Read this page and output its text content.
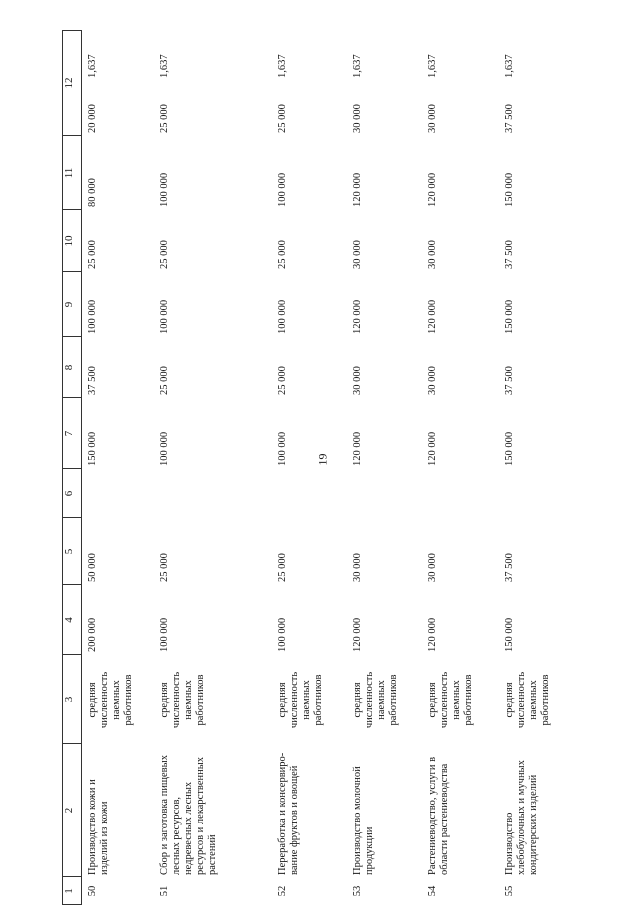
19
1
2
3
4
5
6
7
8
9
10
11
12
50
Производство кожи и изделий из кожи
средняя численность наемных работников
200 000
50 000
150 000
37 500
100 000
25 000
80 000
20 000
1,637
51
Сбор и заготовка пищевых лесных ресурсов, недревесных лесных ресурсов и лекарственных растений
средняя численность наемных работников
100 000
25 000
100 000
25 000
100 000
25 000
100 000
25 000
1,637
52
Переработка и консервиро-вание фруктов и овощей
средняя численность наемных работников
100 000
25 000
100 000
25 000
100 000
25 000
100 000
25 000
1,637
53
Производство молочной продукции
средняя численность наемных работников
120 000
30 000
120 000
30 000
120 000
30 000
120 000
30 000
1,637
54
Растениеводство, услуги в области растениеводства
средняя численность наемных работников
120 000
30 000
120 000
30 000
120 000
30 000
120 000
30 000
1,637
55
Производство хлебобулочных и мучных кондитерских изделий
средняя численность наемных работников
150 000
37 500
150 000
37 500
150 000
37 500
150 000
37 500
1,637
